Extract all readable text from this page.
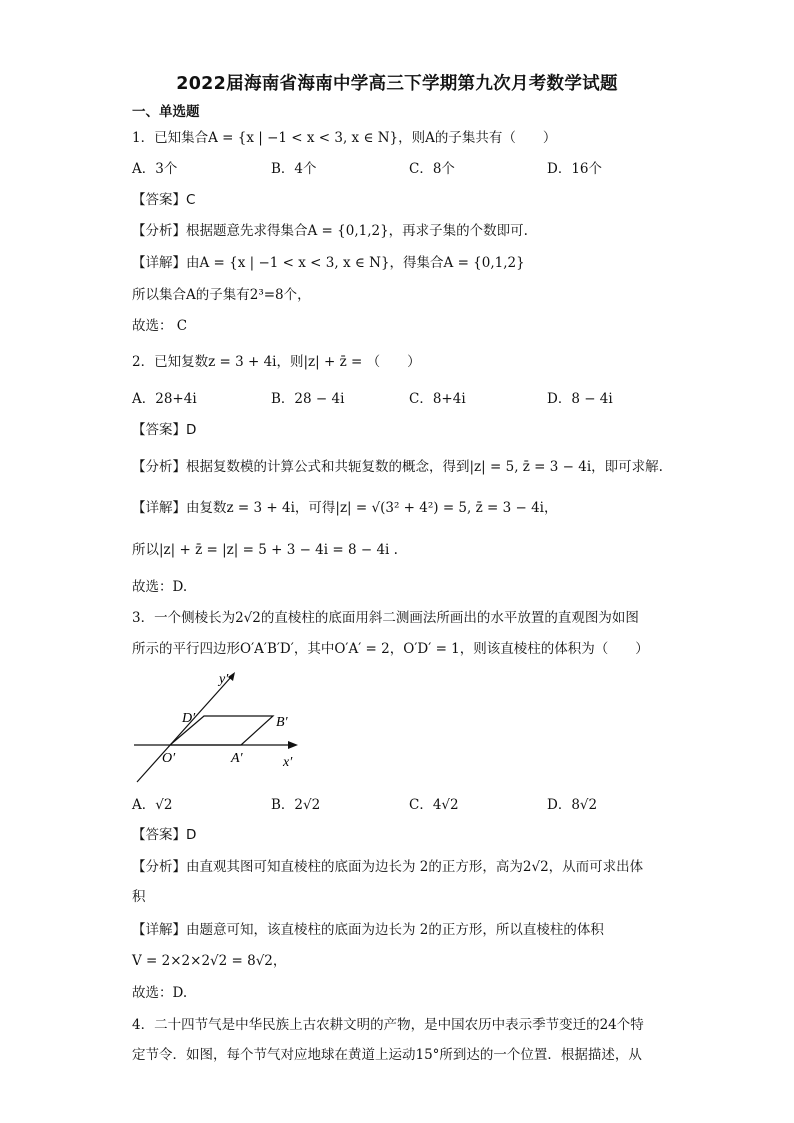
2022届海南省海南中学高三下学期第九次月考数学试题
一、单选题
1．已知集合A = {x | −1 < x < 3, x ∈ N}，则A的子集共有（　　）
A．3个	B．4个	C．8个	D．16个
【答案】C
【分析】根据题意先求得集合A = {0,1,2}，再求子集的个数即可.
【详解】由A = {x | −1 < x < 3, x ∈ N}，得集合A = {0,1,2}
所以集合A的子集有2³=8个，
故选： C
2．已知复数z = 3 + 4i，则|z| + z̄ = （　　）
A．28+4i	B．28 − 4i	C．8+4i	D．8 − 4i
【答案】D
【分析】根据复数模的计算公式和共轭复数的概念，得到|z| = 5, z̄ = 3 − 4i，即可求解.
【详解】由复数z = 3 + 4i，可得|z| = √(3² + 4²) = 5, z̄ = 3 − 4i，
所以|z| + z̄ = |z| = 5 + 3 − 4i = 8 − 4i .
故选：D.
3．一个侧棱长为2√2的直棱柱的底面用斜二测画法所画出的水平放置的直观图为如图
所示的平行四边形O′A′B′D′，其中O′A′ = 2，O′D′ = 1，则该直棱柱的体积为（　　）
y′
x′
O′	A′
B′
D′
A．√2	B．2√2	C．4√2	D．8√2
【答案】D
【分析】由直观其图可知直棱柱的底面为边长为 2的正方形，高为2√2，从而可求出体
积
【详解】由题意可知，该直棱柱的底面为边长为 2的正方形，所以直棱柱的体积
V = 2×2×2√2 = 8√2，
故选：D.
4．二十四节气是中华民族上古农耕文明的产物，是中国农历中表示季节变迁的24个特
定节令．如图，每个节气对应地球在黄道上运动15°所到达的一个位置．根据描述，从
